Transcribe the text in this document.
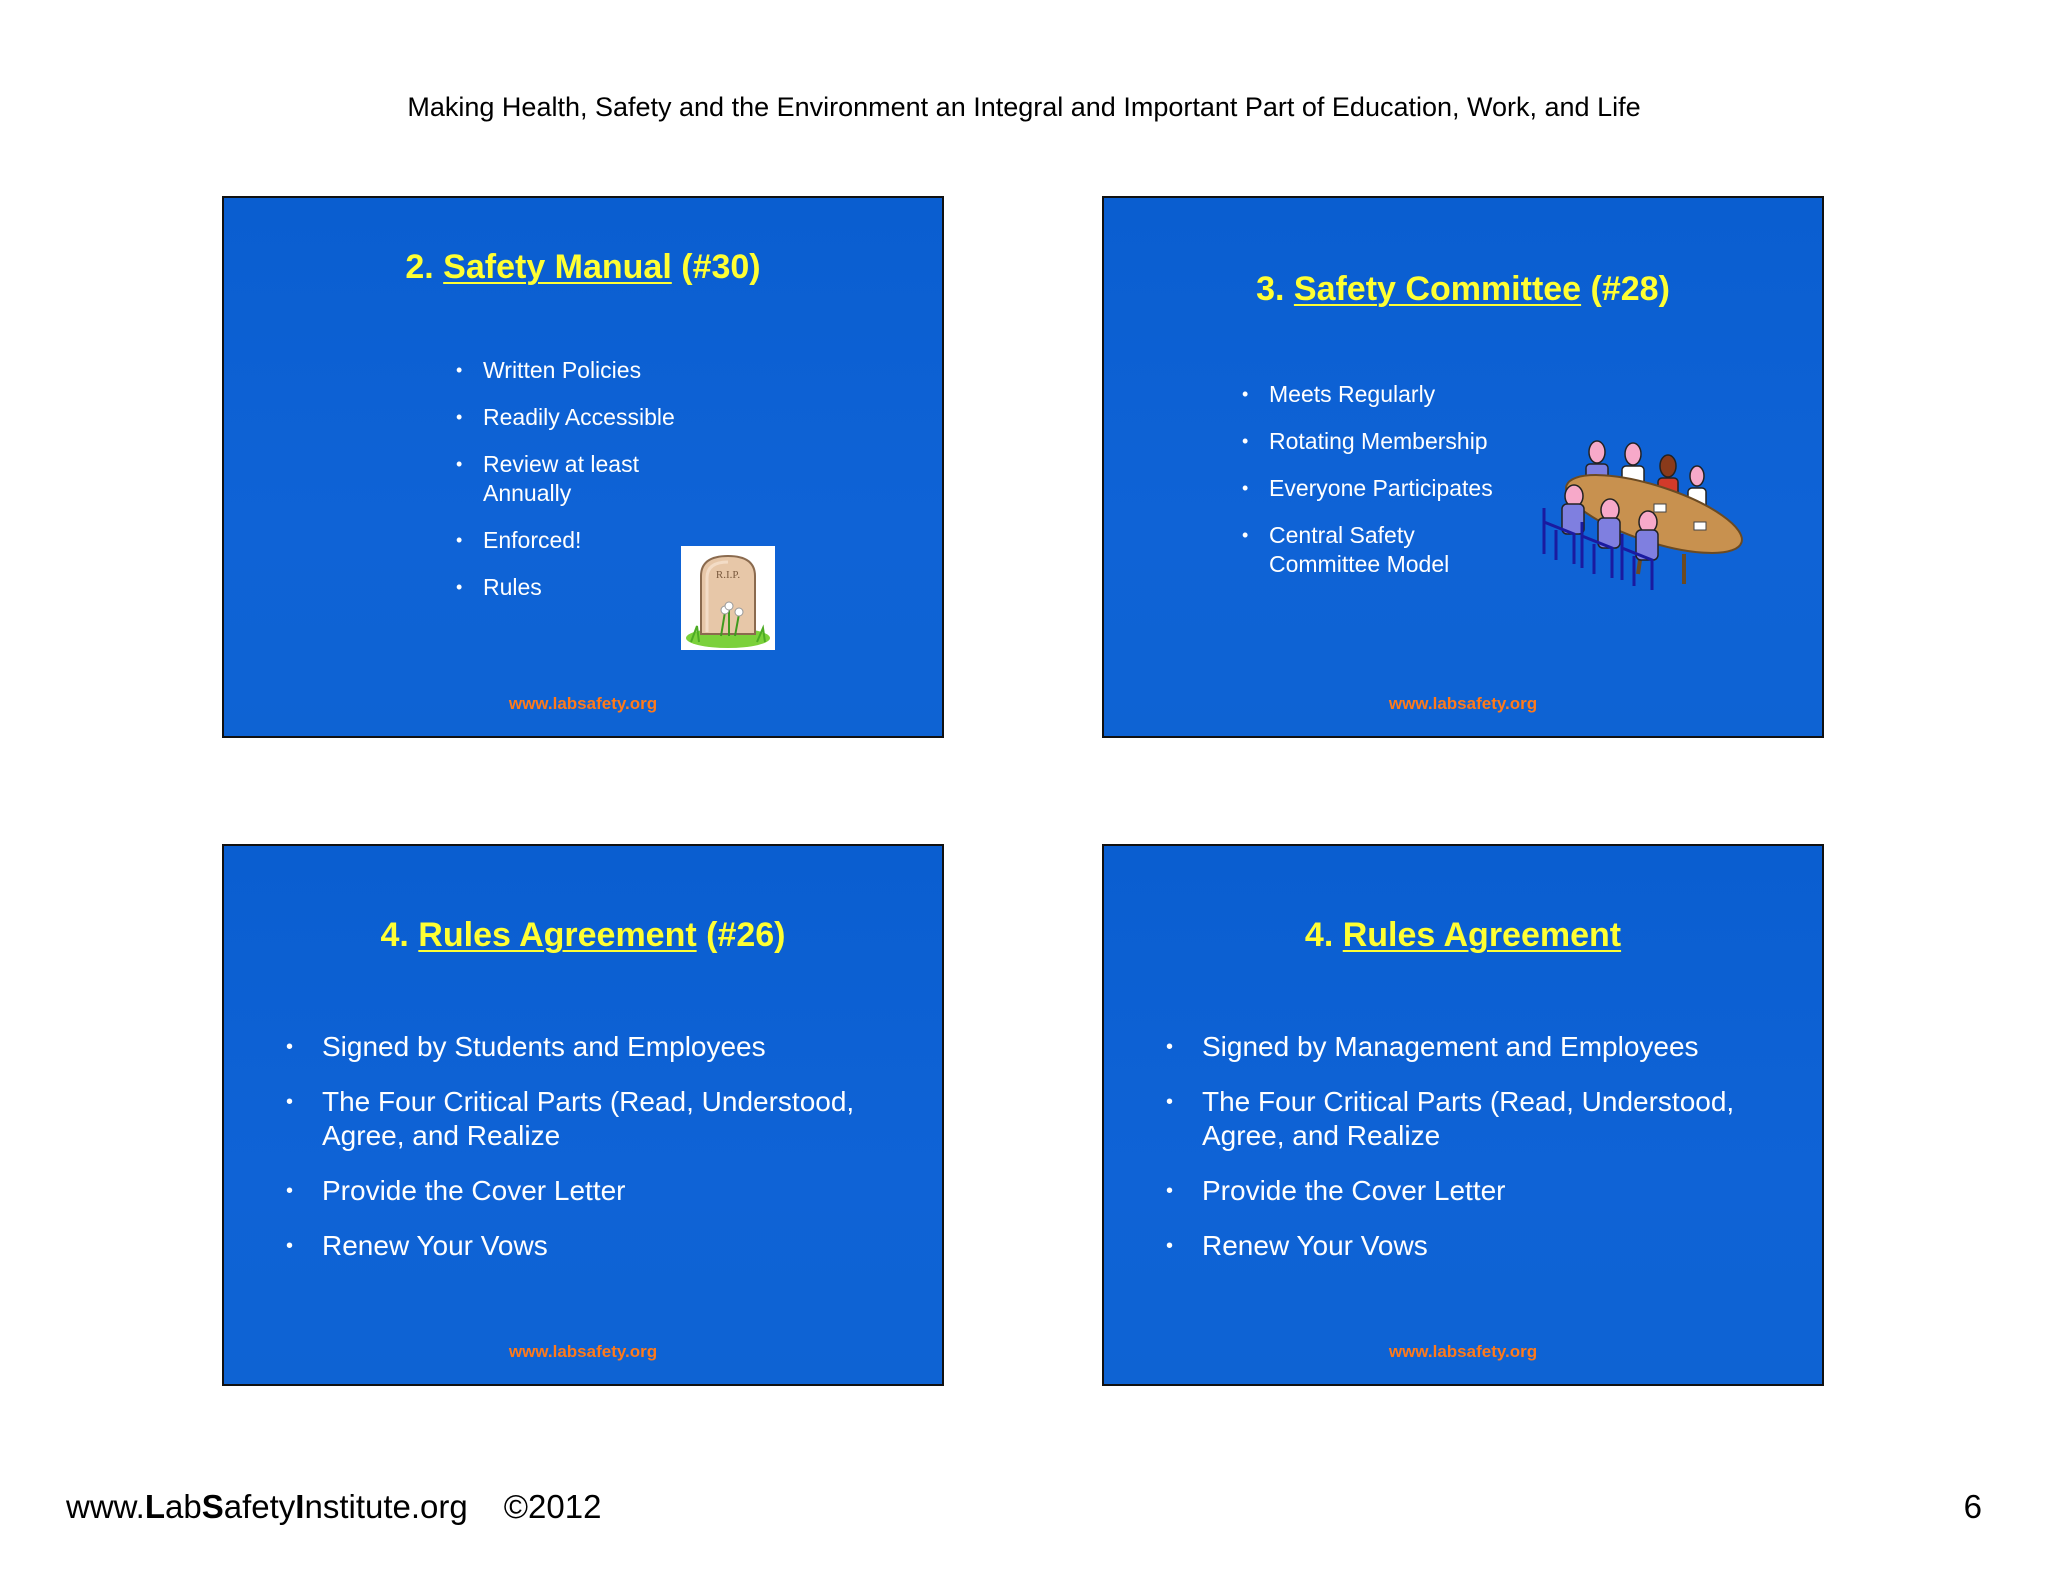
Making Health, Safety and the Environment an Integral and Important Part of Education, Work, and Life
2. Safety Manual (#30)
• Written Policies
• Readily Accessible
• Review at least Annually
• Enforced!
• Rules	R.I.P.
www.labsafety.org
3. Safety Committee (#28)
• Meets Regularly
• Rotating Membership
• Everyone Participates
• Central Safety Committee Model
www.labsafety.org
4. Rules Agreement (#26)
• Signed by Students and Employees
• The Four Critical Parts (Read, Understood, Agree, and Realize
• Provide the Cover Letter
• Renew Your Vows
www.labsafety.org
4. Rules Agreement
• Signed by Management and Employees
• The Four Critical Parts (Read, Understood, Agree, and Realize
• Provide the Cover Letter
• Renew Your Vows
www.labsafety.org
www.LabSafetyInstitute.org ©2012	6
